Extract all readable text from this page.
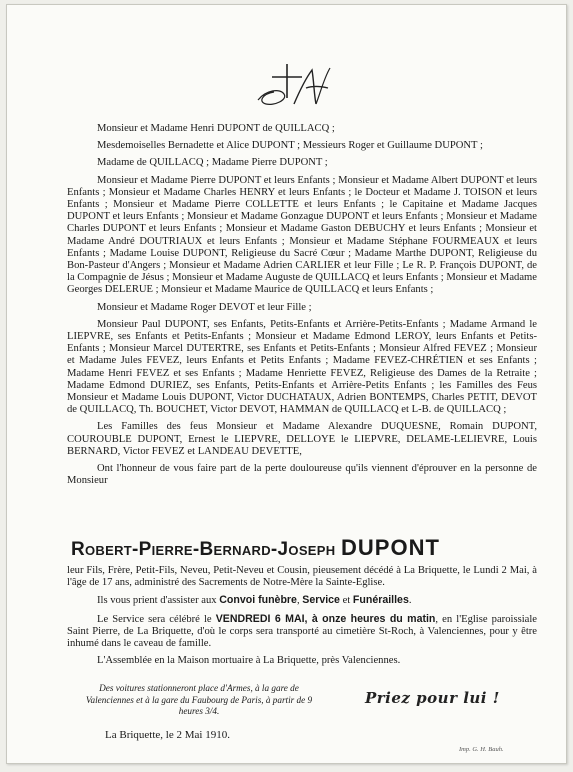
Monsieur et Madame Henri DUPONT de QUILLACQ ;

Mesdemoiselles Bernadette et Alice DUPONT ; Messieurs Roger et Guillaume DUPONT ;

Madame de QUILLACQ ; Madame Pierre DUPONT ;

Monsieur et Madame Pierre DUPONT et leurs Enfants ; Monsieur et Madame Albert DUPONT et leurs Enfants ; Monsieur et Madame Charles HENRY et leurs Enfants ; le Docteur et Madame J. TOISON et leurs Enfants ; Monsieur et Madame Pierre COLLETTE et leurs Enfants ; le Capitaine et Madame Jacques DUPONT et leurs Enfants ; Monsieur et Madame Gonzague DUPONT et leurs Enfants ; Monsieur et Madame Charles DUPONT et leurs Enfants ; Monsieur et Madame Gaston DEBUCHY et leurs Enfants ; Monsieur et Madame André DOUTRIAUX et leurs Enfants ; Monsieur et Madame Stéphane FOURMEAUX et leurs Enfants ; Madame Louise DUPONT, Religieuse du Sacré Cœur ; Madame Marthe DUPONT, Religieuse du Bon-Pasteur d'Angers ; Monsieur et Madame Adrien CARLIER et leur Fille ; Le R. P. François DUPONT, de la Compagnie de Jésus ; Monsieur et Madame Auguste de QUILLACQ et leurs Enfants ; Monsieur et Madame Georges DELERUE ; Monsieur et Madame Maurice de QUILLACQ et leurs Enfants ;

Monsieur et Madame Roger DEVOT et leur Fille ;

Monsieur Paul DUPONT, ses Enfants, Petits-Enfants et Arrière-Petits-Enfants ; Madame Armand le LIEPVRE, ses Enfants et Petits-Enfants ; Monsieur et Madame Edmond LEROY, leurs Enfants et Petits-Enfants ; Monsieur Marcel DUTERTRE, ses Enfants et Petits-Enfants ; Monsieur Alfred FEVEZ ; Monsieur et Madame Jules FEVEZ, leurs Enfants et Petits Enfants ; Madame FEVEZ-CHRÉTIEN et ses Enfants ; Madame Henri FEVEZ et ses Enfants ; Madame Henriette FEVEZ, Religieuse des Dames de la Retraite ; Madame Edmond DURIEZ, ses Enfants, Petits-Enfants et Arrière-Petits Enfants ; les Familles des Feus Monsieur et Madame Louis DUPONT, Victor DUCHATAUX, Adrien BONTEMPS, Charles PETIT, DEVOT de QUILLACQ, Th. BOUCHET, Victor DEVOT, HAMMAN de QUILLACQ et L-B. de QUILLACQ ;

Les Familles des feus Monsieur et Madame Alexandre DUQUESNE, Romain DUPONT, COUROUBLE DUPONT, Ernest le LIEPVRE, DELLOYE le LIEPVRE, DELAME-LELIEVRE, Louis BERNARD, Victor FEVEZ et LANDEAU DEVETTE,

Ont l'honneur de vous faire part de la perte douloureuse qu'ils viennent d'éprouver en la personne de Monsieur

Robert-Pierre-Bernard-Joseph DUPONT

leur Fils, Frère, Petit-Fils, Neveu, Petit-Neveu et Cousin, pieusement décédé à La Briquette, le Lundi 2 Mai, à l'âge de 17 ans, administré des Sacrements de Notre-Mère la Sainte-Eglise.

Ils vous prient d'assister aux Convoi funèbre, Service et Funérailles.

Le Service sera célébré le VENDREDI 6 MAI, à onze heures du matin, en l'Eglise paroissiale Saint Pierre, de La Briquette, d'où le corps sera transporté au cimetière St-Roch, à Valenciennes, pour y être inhumé dans le caveau de famille.

L'Assemblée en la Maison mortuaire à La Briquette, près Valenciennes.

Des voitures stationneront place d'Armes, à la gare de Valenciennes et à la gare du Faubourg de Paris, à partir de 9 heures 3/4.
Priez pour lui !
La Briquette, le 2 Mai 1910.
Imp. G. H. Bauh.
